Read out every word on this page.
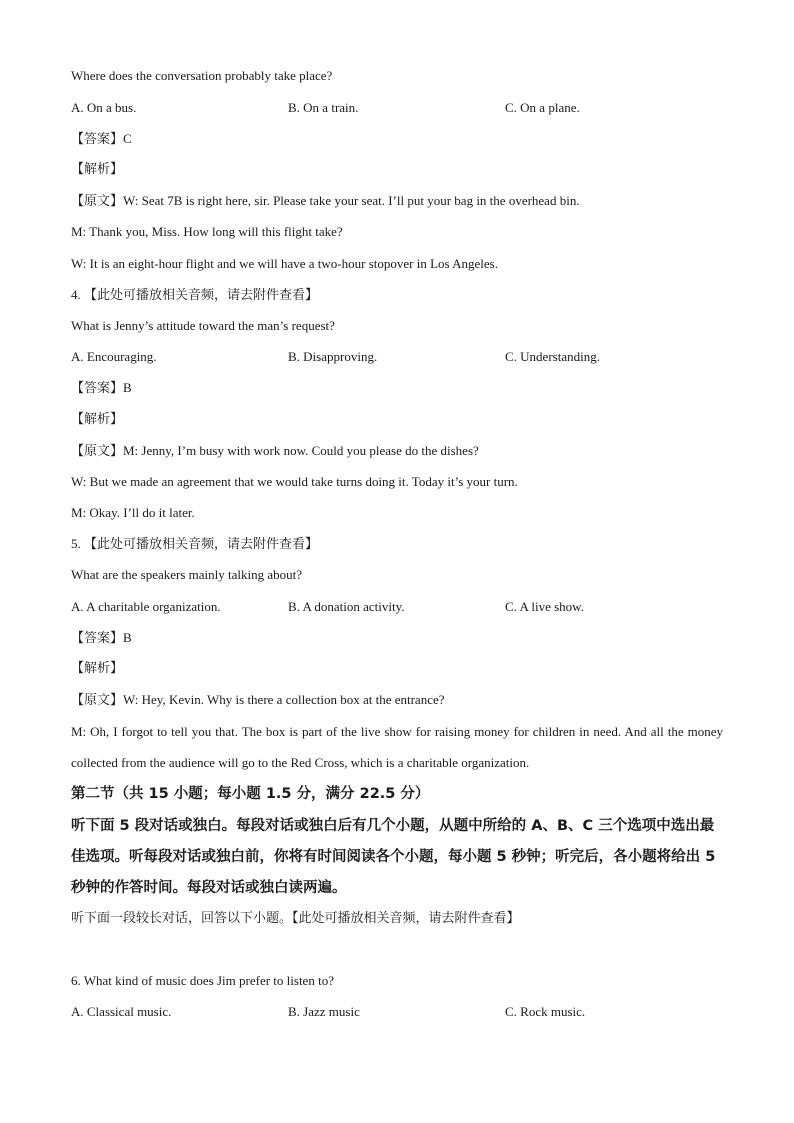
Where does the conversation probably take place?
A. On a bus.	B. On a train.	C. On a plane.
【答案】C
【解析】
【原文】W: Seat 7B is right here, sir. Please take your seat. I’ll put your bag in the overhead bin.
M: Thank you, Miss. How long will this flight take?
W: It is an eight-hour flight and we will have a two-hour stopover in Los Angeles.
4. 【此处可播放相关音频，请去附件查看】
What is Jenny’s attitude toward the man’s request?
A. Encouraging.	B. Disapproving.	C. Understanding.
【答案】B
【解析】
【原文】M: Jenny, I’m busy with work now. Could you please do the dishes?
W: But we made an agreement that we would take turns doing it. Today it’s your turn.
M: Okay. I’ll do it later.
5. 【此处可播放相关音频，请去附件查看】
What are the speakers mainly talking about?
A. A charitable organization.	B. A donation activity.	C. A live show.
【答案】B
【解析】
【原文】W: Hey, Kevin. Why is there a collection box at the entrance?
M: Oh, I forgot to tell you that. The box is part of the live show for raising money for children in need. And all the money collected from the audience will go to the Red Cross, which is a charitable organization.
第二节（共 15 小题；每小题 1.5 分，满分 22.5 分）
听下面 5 段对话或独白。每段对话或独白后有几个小题，从题中所给的 A、B、C 三个选项中选出最佳选项。听每段对话或独白前，你将有时间阅读各个小题，每小题 5 秒钟；听完后，各小题将给出 5 秒钟的作答时间。每段对话或独白读两遍。
听下面一段较长对话，回答以下小题。【此处可播放相关音频，请去附件查看】
6. What kind of music does Jim prefer to listen to?
A. Classical music.	B. Jazz music	C. Rock music.
